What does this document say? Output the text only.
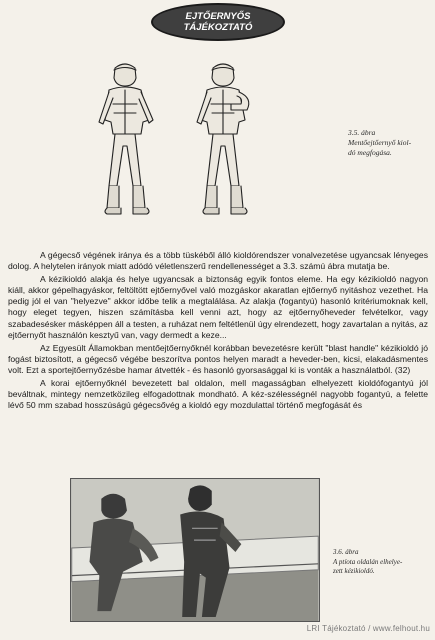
EJTŐERNYŐS
TÁJÉKOZTATÓ
3.5. ábra
Mentőejtőernyő kiol-
dó megfogása.

A gégecső végének iránya és a több tüskéből álló kioldórendszer vonalvezetése ugyancsak lényeges dolog. A helytelen irányok miatt adódó véletlenszerű rendellenességet a 3.3. számú ábra mutatja be.

A kézikioldó alakja és helye ugyancsak a biztonság egyik fontos eleme. Ha egy kézikioldó nagyon kiáll, akkor gépelhagyáskor, feltöltött ejtőernyővel való mozgáskor akaratlan ejtőernyő nyitáshoz vezethet. Ha pedig jól el van "helyezve" akkor időbe telik a megtalálása. Az alakja (fogantyú) hasonló kritériumoknak kell, hogy eleget tegyen, hiszen számításba kell venni azt, hogy az ejtőernyőheveder felvételkor, vagy szabadesésker másképpen áll a testen, a ruházat nem feltétlenül úgy elrendezett, hogy zavartalan a nyitás, az ejtőernyőt használón kesztyű van, vagy dermedt a keze...

Az Egyesült Államokban mentőejtőernyőknél korábban bevezetésre került "blast handle" kézikioldó jó fogást biztosított, a gégecső végébe beszorítva pontos helyen maradt a heveder-ben, kicsi, elakadásmentes volt. Ezt a sportejtőernyőzésbe hamar átvették - és hasonló gyorsasággal ki is vonták a használatból. (32)

A korai ejtőernyőknél bevezetett bal oldalon, mell magasságban elhelyezett kioldófogantyú jól beváltnak, mintegy nemzetközileg elfogadottnak mondható. A kéz-szélességnél nagyobb fogantyú, a felette lévő 50 mm szabad hosszúságú gégecsővég a kioldó egy mozdulattal történő megfogását és

3.6. ábra
A ptíota oldalán elhelye-
zett kézikioldó.
LRI Tájékoztató / www.felhout.hu
